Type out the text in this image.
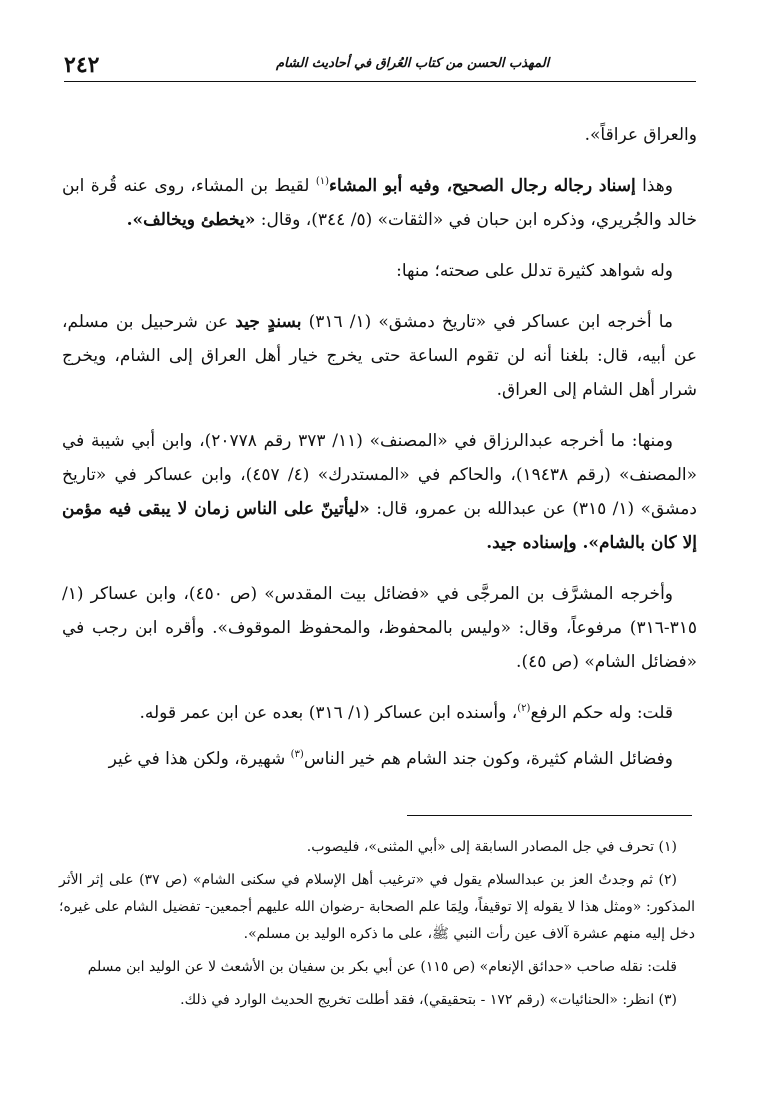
٢٤٢	المهذب الحسن من كتاب العُراق في أحاديث الشام

والعراق عراقاً».

وهذا إسناد رجاله رجال الصحيح، وفيه أبو المشاء$^{(١)}$ لقيط بن المشاء، روى عنه قُرة ابن خالد والجُريري، وذكره ابن حبان في «الثقات» (٥/ ٣٤٤)، وقال: «يخطئ ويخالف».

وله شواهد كثيرة تدلل على صحته؛ منها:

ما أخرجه ابن عساكر في «تاريخ دمشق» (١/ ٣١٦) بسندٍ جيد عن شرحبيل بن مسلم، عن أبيه، قال: بلغنا أنه لن تقوم الساعة حتى يخرج خيار أهل العراق إلى الشام، ويخرج شرار أهل الشام إلى العراق.

ومنها: ما أخرجه عبدالرزاق في «المصنف» (١١/ ٣٧٣ رقم ٢٠٧٧٨)، وابن أبي شيبة في «المصنف» (رقم ١٩٤٣٨)، والحاكم في «المستدرك» (٤/ ٤٥٧)، وابن عساكر في «تاريخ دمشق» (١/ ٣١٥) عن عبدالله بن عمرو، قال: «ليأتينّ على الناس زمان لا يبقى فيه مؤمن إلا كان بالشام». وإسناده جيد.

وأخرجه المشرَّف بن المرجَّى في «فضائل بيت المقدس» (ص ٤٥٠)، وابن عساكر (١/ ٣١٥-٣١٦) مرفوعاً، وقال: «وليس بالمحفوظ، والمحفوظ الموقوف». وأقره ابن رجب في «فضائل الشام» (ص ٤٥).

قلت: وله حكم الرفع$^{(٢)}$، وأسنده ابن عساكر (١/ ٣١٦) بعده عن ابن عمر قوله.

وفضائل الشام كثيرة، وكون جند الشام هم خير الناس$^{(٣)}$ شهيرة، ولكن هذا في غير

(١) تحرف في جل المصادر السابقة إلى «أبي المثنى»، فليصوب.

(٢) ثم وجدتُ العز بن عبدالسلام يقول في «ترغيب أهل الإسلام في سكنى الشام» (ص ٣٧) على إثر الأثر المذكور: «ومثل هذا لا يقوله إلا توقيفاً، ولِمَا علم الصحابة -رضوان الله عليهم أجمعين- تفضيل الشام على غيره؛ دخل إليه منهم عشرة آلاف عين رأت النبي ﷺ، على ما ذكره الوليد بن مسلم».

قلت: نقله صاحب «حدائق الإنعام» (ص ١١٥) عن أبي بكر بن سفيان بن الأشعث لا عن الوليد ابن مسلم

(٣) انظر: «الحنائيات» (رقم ١٧٢ - بتحقيقي)، فقد أطلت تخريج الحديث الوارد في ذلك.
